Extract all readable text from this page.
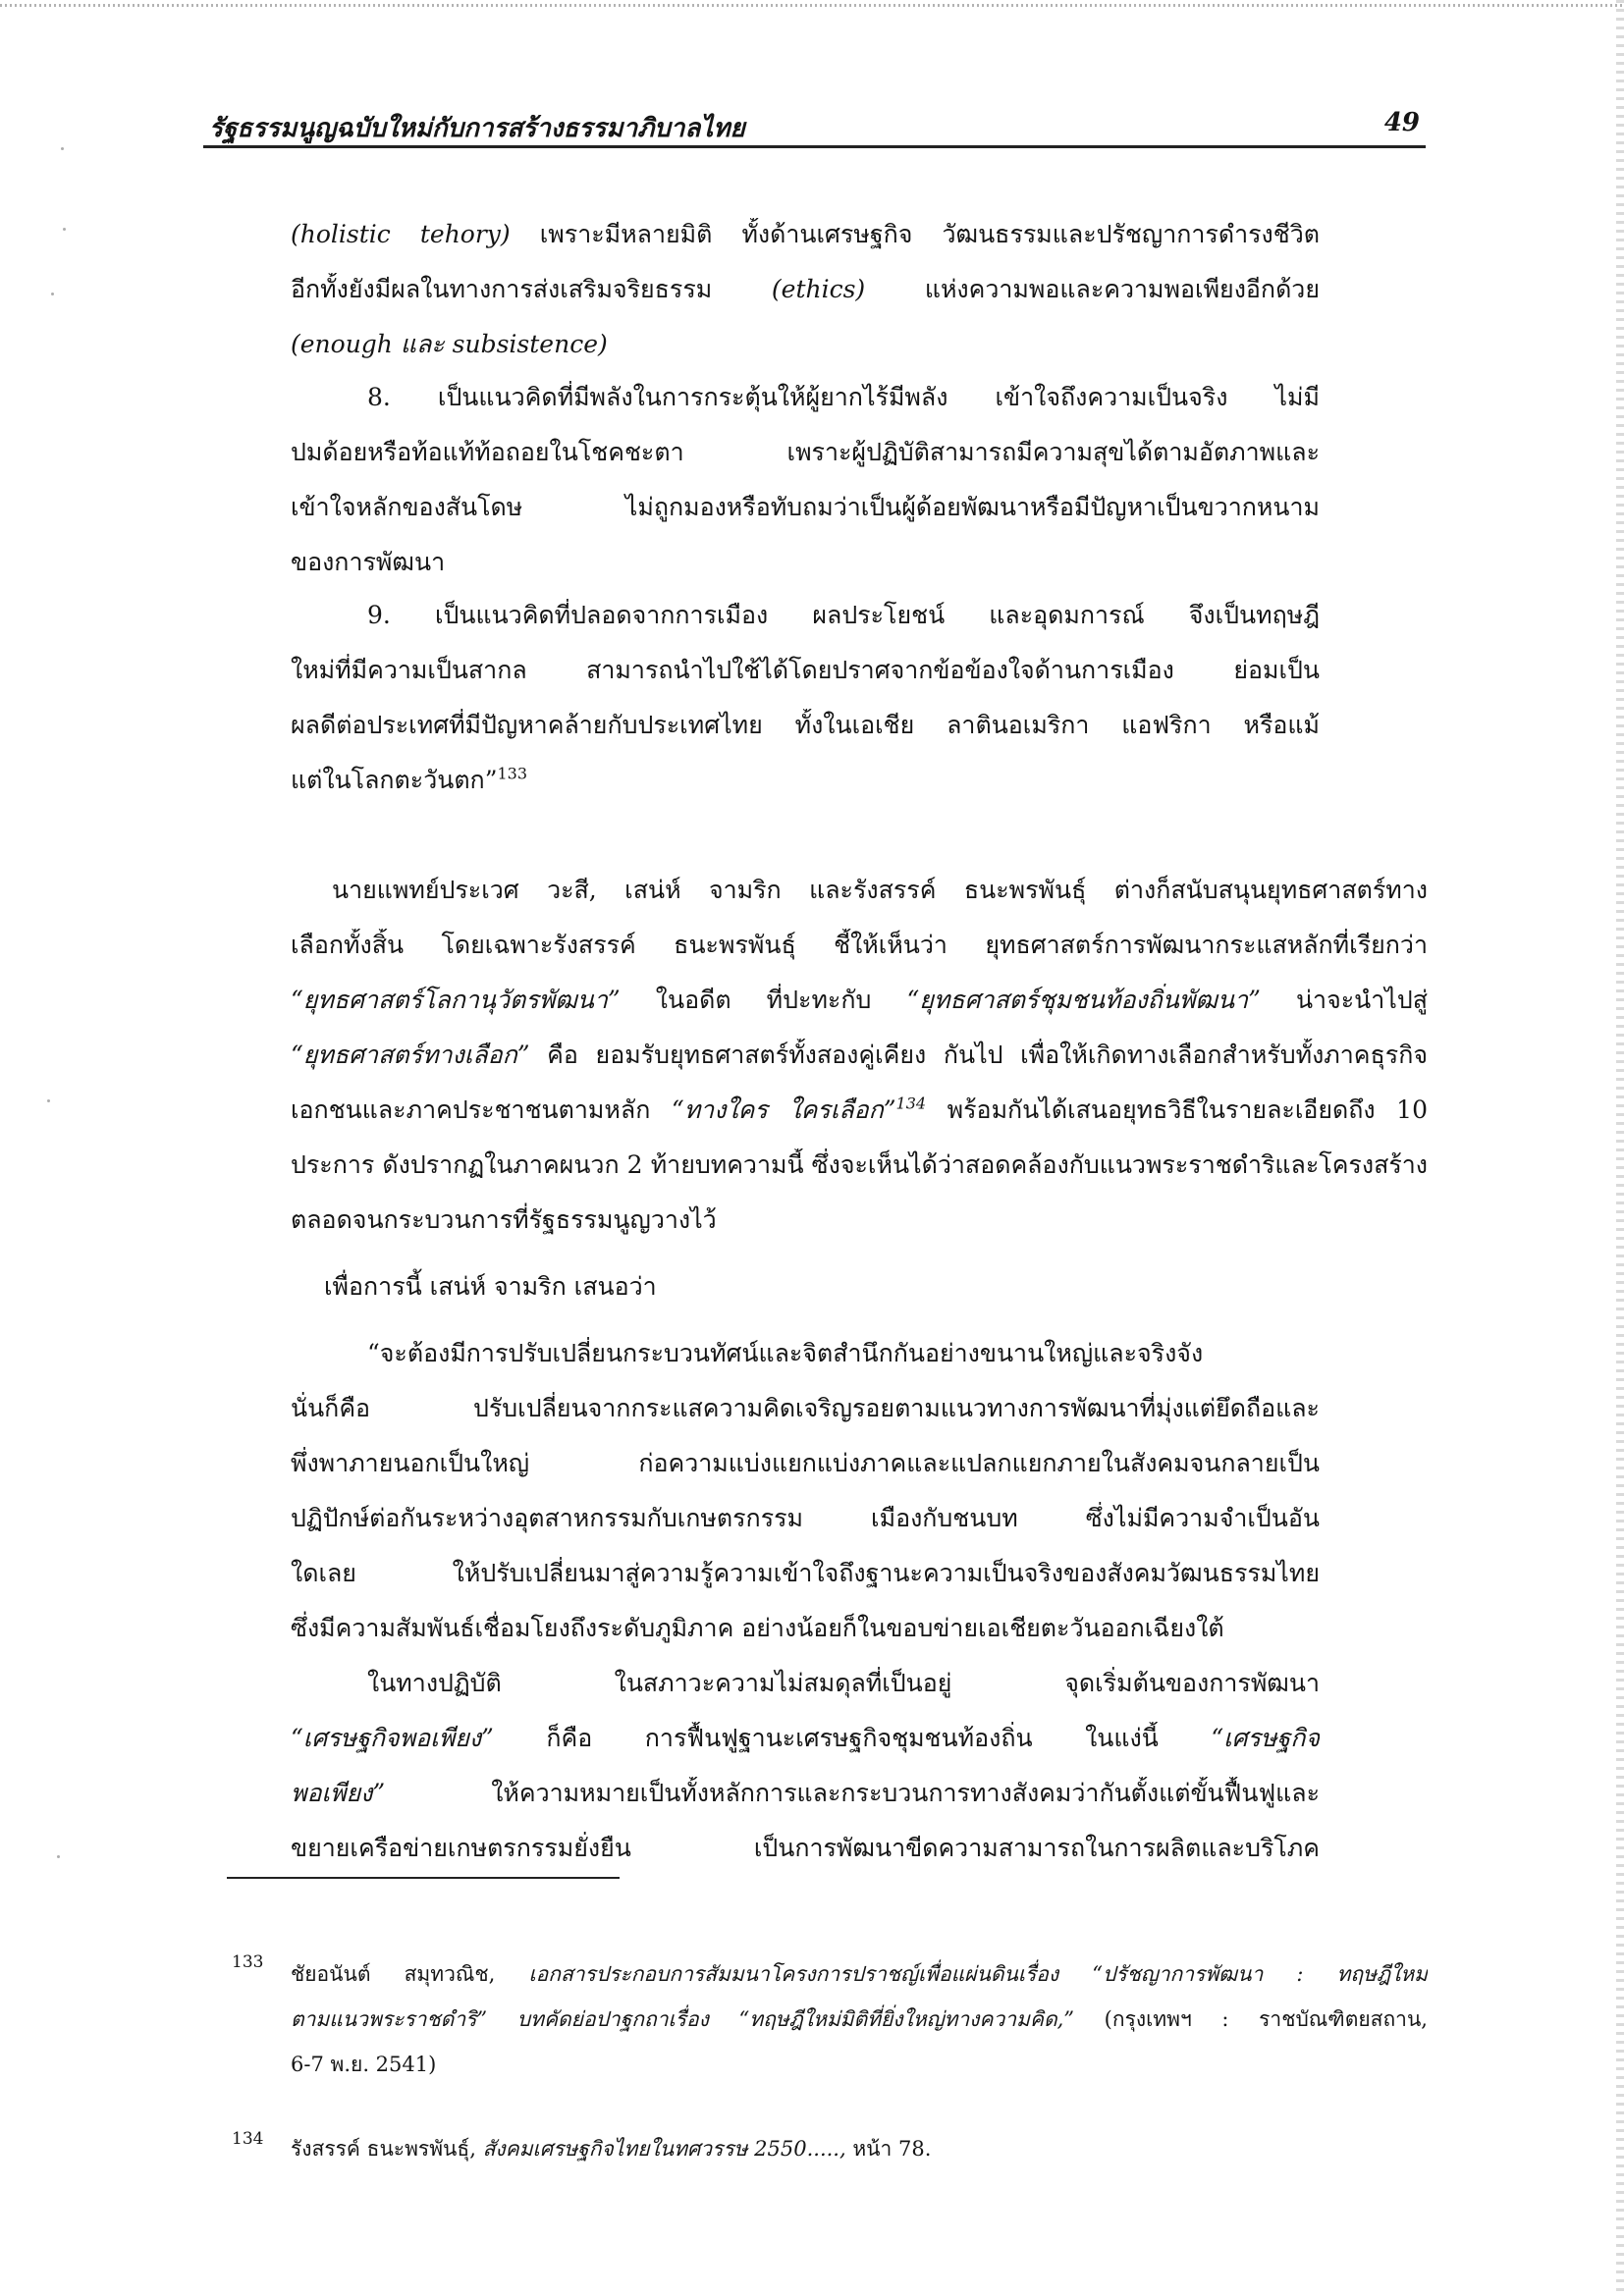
รัฐธรรมนูญฉบับใหม่กับการสร้างธรรมาภิบาลไทย	49
(holistic tehory) เพราะมีหลายมิติ ทั้งด้านเศรษฐกิจ วัฒนธรรมและปรัชญาการดำรงชีวิต
อีกทั้งยังมีผลในทางการส่งเสริมจริยธรรม (ethics) แห่งความพอและความพอเพียงอีกด้วย
(enough และ subsistence)
8. เป็นแนวคิดที่มีพลังในการกระตุ้นให้ผู้ยากไร้มีพลัง เข้าใจถึงความเป็นจริง ไม่มี
ปมด้อยหรือท้อแท้ท้อถอยในโชคชะตา เพราะผู้ปฏิบัติสามารถมีความสุขได้ตามอัตภาพและ
เข้าใจหลักของสันโดษ ไม่ถูกมองหรือทับถมว่าเป็นผู้ด้อยพัฒนาหรือมีปัญหาเป็นขวากหนาม
ของการพัฒนา
9. เป็นแนวคิดที่ปลอดจากการเมือง ผลประโยชน์ และอุดมการณ์ จึงเป็นทฤษฎี
ใหม่ที่มีความเป็นสากล สามารถนำไปใช้ได้โดยปราศจากข้อข้องใจด้านการเมือง ย่อมเป็น
ผลดีต่อประเทศที่มีปัญหาคล้ายกับประเทศไทย ทั้งในเอเชีย ลาตินอเมริกา แอฟริกา หรือแม้
แต่ในโลกตะวันตก”$^{133}$
นายแพทย์ประเวศ วะสี, เสน่ห์ จามริก และรังสรรค์ ธนะพรพันธุ์ ต่างก็สนับสนุนยุทธศาสตร์ทาง
เลือกทั้งสิ้น โดยเฉพาะรังสรรค์ ธนะพรพันธุ์ ชี้ให้เห็นว่า ยุทธศาสตร์การพัฒนากระแสหลักที่เรียกว่า
“ยุทธศาสตร์โลกานุวัตรพัฒนา” ในอดีต ที่ปะทะกับ “ยุทธศาสตร์ชุมชนท้องถิ่นพัฒนา” น่าจะนำไปสู่
“ยุทธศาสตร์ทางเลือก” คือ ยอมรับยุทธศาสตร์ทั้งสองคู่เคียง กันไป เพื่อให้เกิดทางเลือกสำหรับทั้งภาคธุรกิจ
เอกชนและภาคประชาชนตามหลัก “ทางใคร ใครเลือก”$^{134}$ พร้อมกันได้เสนอยุทธวิธีในรายละเอียดถึง 10
ประการ ดังปรากฏในภาคผนวก 2 ท้ายบทความนี้ ซึ่งจะเห็นได้ว่าสอดคล้องกับแนวพระราชดำริและโครงสร้าง
ตลอดจนกระบวนการที่รัฐธรรมนูญวางไว้
เพื่อการนี้ เสน่ห์ จามริก เสนอว่า
“จะต้องมีการปรับเปลี่ยนกระบวนทัศน์และจิตสำนึกกันอย่างขนานใหญ่และจริงจัง
นั่นก็คือ ปรับเปลี่ยนจากกระแสความคิดเจริญรอยตามแนวทางการพัฒนาที่มุ่งแต่ยึดถือและ
พึ่งพาภายนอกเป็นใหญ่ ก่อความแบ่งแยกแบ่งภาคและแปลกแยกภายในสังคมจนกลายเป็น
ปฏิปักษ์ต่อกันระหว่างอุตสาหกรรมกับเกษตรกรรม เมืองกับชนบท ซึ่งไม่มีความจำเป็นอัน
ใดเลย ให้ปรับเปลี่ยนมาสู่ความรู้ความเข้าใจถึงฐานะความเป็นจริงของสังคมวัฒนธรรมไทย
ซึ่งมีความสัมพันธ์เชื่อมโยงถึงระดับภูมิภาค อย่างน้อยก็ในขอบข่ายเอเชียตะวันออกเฉียงใต้
ในทางปฏิบัติ	ในสภาวะความไม่สมดุลที่เป็นอยู่	จุดเริ่มต้นของการพัฒนา
“เศรษฐกิจพอเพียง” ก็คือ การฟื้นฟูฐานะเศรษฐกิจชุมชนท้องถิ่น ในแง่นี้ “เศรษฐกิจ
พอเพียง”	ให้ความหมายเป็นทั้งหลักการและกระบวนการทางสังคมว่ากันตั้งแต่ขั้นฟื้นฟูและ
ขยายเครือข่ายเกษตรกรรมยั่งยืน	เป็นการพัฒนาขีดความสามารถในการผลิตและบริโภค
133 ชัยอนันต์ สมุทวณิช, เอกสารประกอบการสัมมนาโครงการปราชญ์เพื่อแผ่นดินเรื่อง “ปรัชญาการพัฒนา : ทฤษฎีใหม่
ตามแนวพระราชดำริ” บทคัดย่อปาฐกถาเรื่อง “ทฤษฎีใหม่มิติที่ยิ่งใหญ่ทางความคิด,” (กรุงเทพฯ : ราชบัณฑิตยสถาน,
6-7 พ.ย. 2541)
134 รังสรรค์ ธนะพรพันธุ์, สังคมเศรษฐกิจไทยในทศวรรษ 2550....., หน้า 78.
